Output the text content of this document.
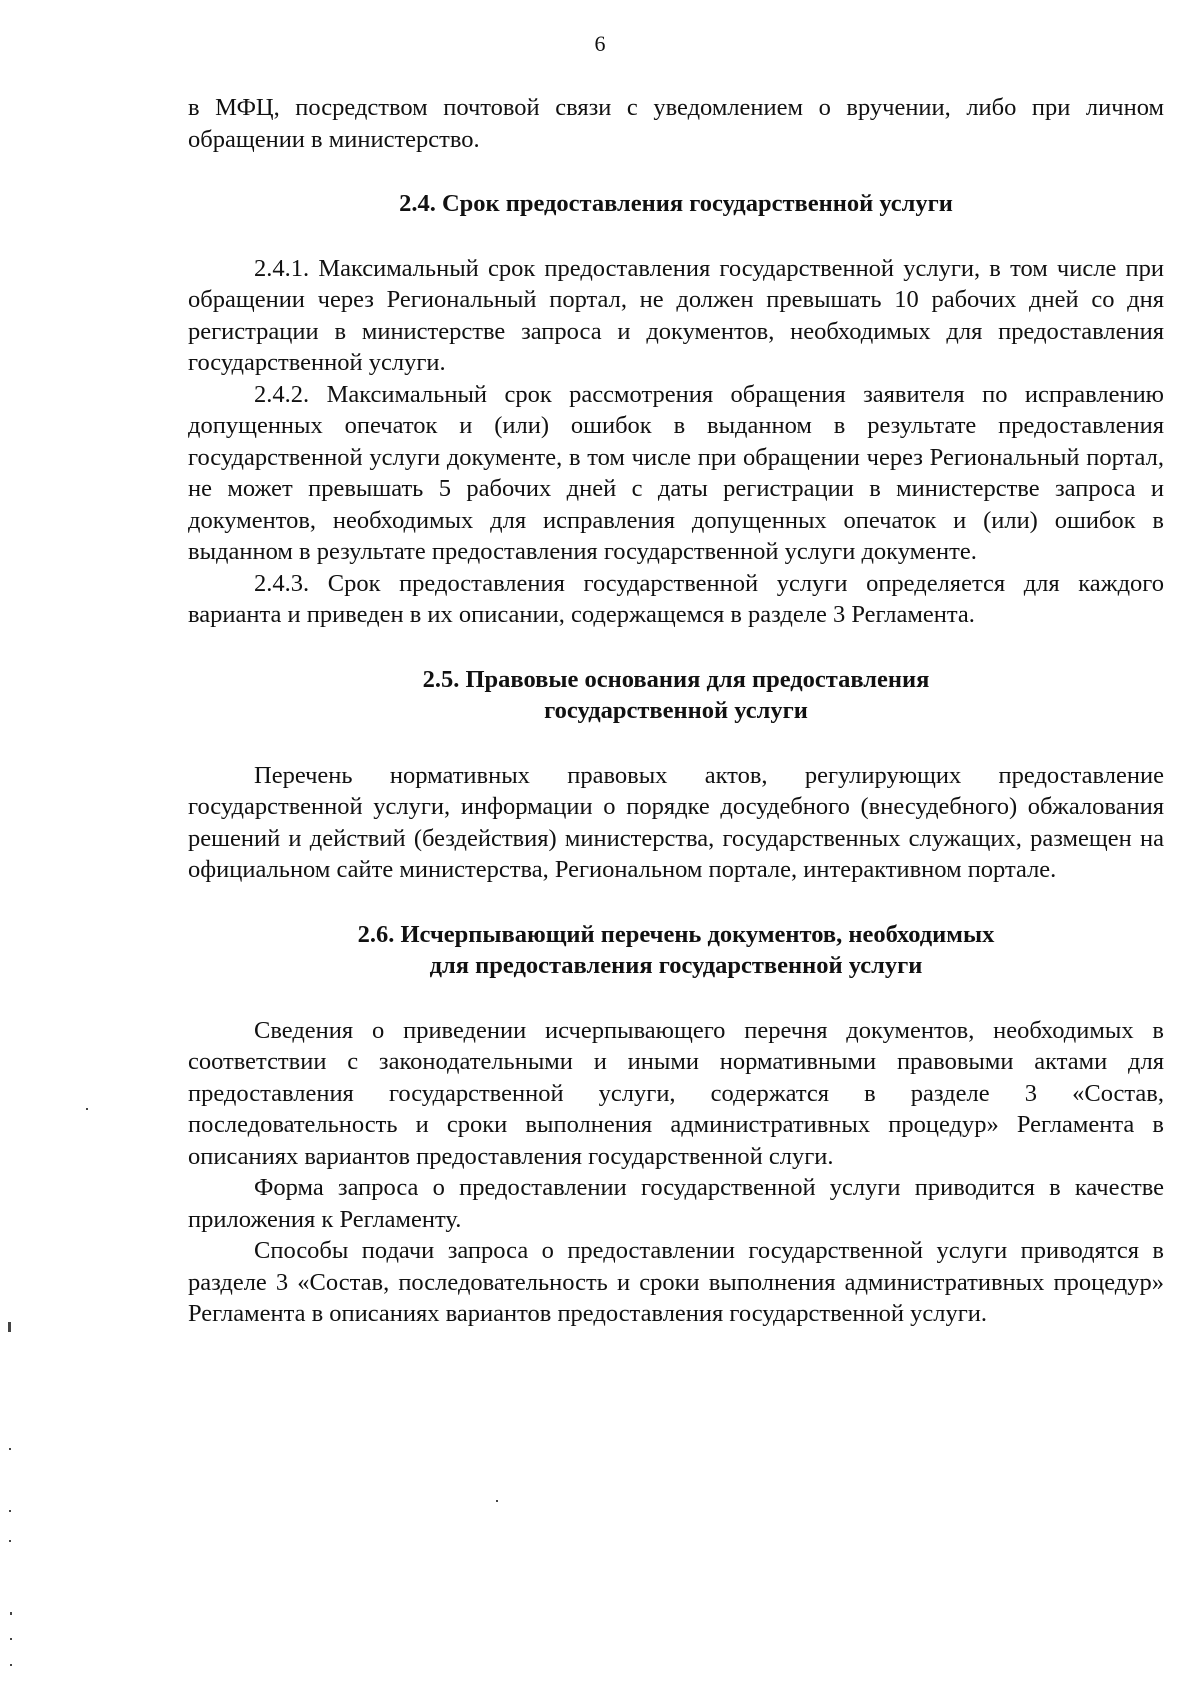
6

в МФЦ, посредством почтовой связи с уведомлением о вручении, либо при личном обращении в министерство.

2.4. Срок предоставления государственной услуги

2.4.1. Максимальный срок предоставления государственной услуги, в том числе при обращении через Региональный портал, не должен превышать 10 рабочих дней со дня регистрации в министерстве запроса и документов, необходимых для предоставления государственной услуги.

2.4.2. Максимальный срок рассмотрения обращения заявителя по исправлению допущенных опечаток и (или) ошибок в выданном в результате предоставления государственной услуги документе, в том числе при обращении через Региональный портал, не может превышать 5 рабочих дней с даты регистрации в министерстве запроса и документов, необходимых для исправления допущенных опечаток и (или) ошибок в выданном в результате предоставления государственной услуги документе.

2.4.3. Срок предоставления государственной услуги определяется для каждого варианта и приведен в их описании, содержащемся в разделе 3 Регламента.

2.5. Правовые основания для предоставления
государственной услуги

Перечень нормативных правовых актов, регулирующих предоставление государственной услуги, информации о порядке досудебного (внесудебного) обжалования решений и действий (бездействия) министерства, государственных служащих, размещен на официальном сайте министерства, Региональном портале, интерактивном портале.

2.6. Исчерпывающий перечень документов, необходимых
для предоставления государственной услуги

Сведения о приведении исчерпывающего перечня документов, необходимых в соответствии с законодательными и иными нормативными правовыми актами для предоставления государственной услуги, содержатся в разделе 3 «Состав, последовательность и сроки выполнения административных процедур» Регламента в описаниях вариантов предоставления государственной слуги.

Форма запроса о предоставлении государственной услуги приводится в качестве приложения к Регламенту.

Способы подачи запроса о предоставлении государственной услуги приводятся в разделе 3 «Состав, последовательность и сроки выполнения административных процедур» Регламента в описаниях вариантов предоставления государственной услуги.
